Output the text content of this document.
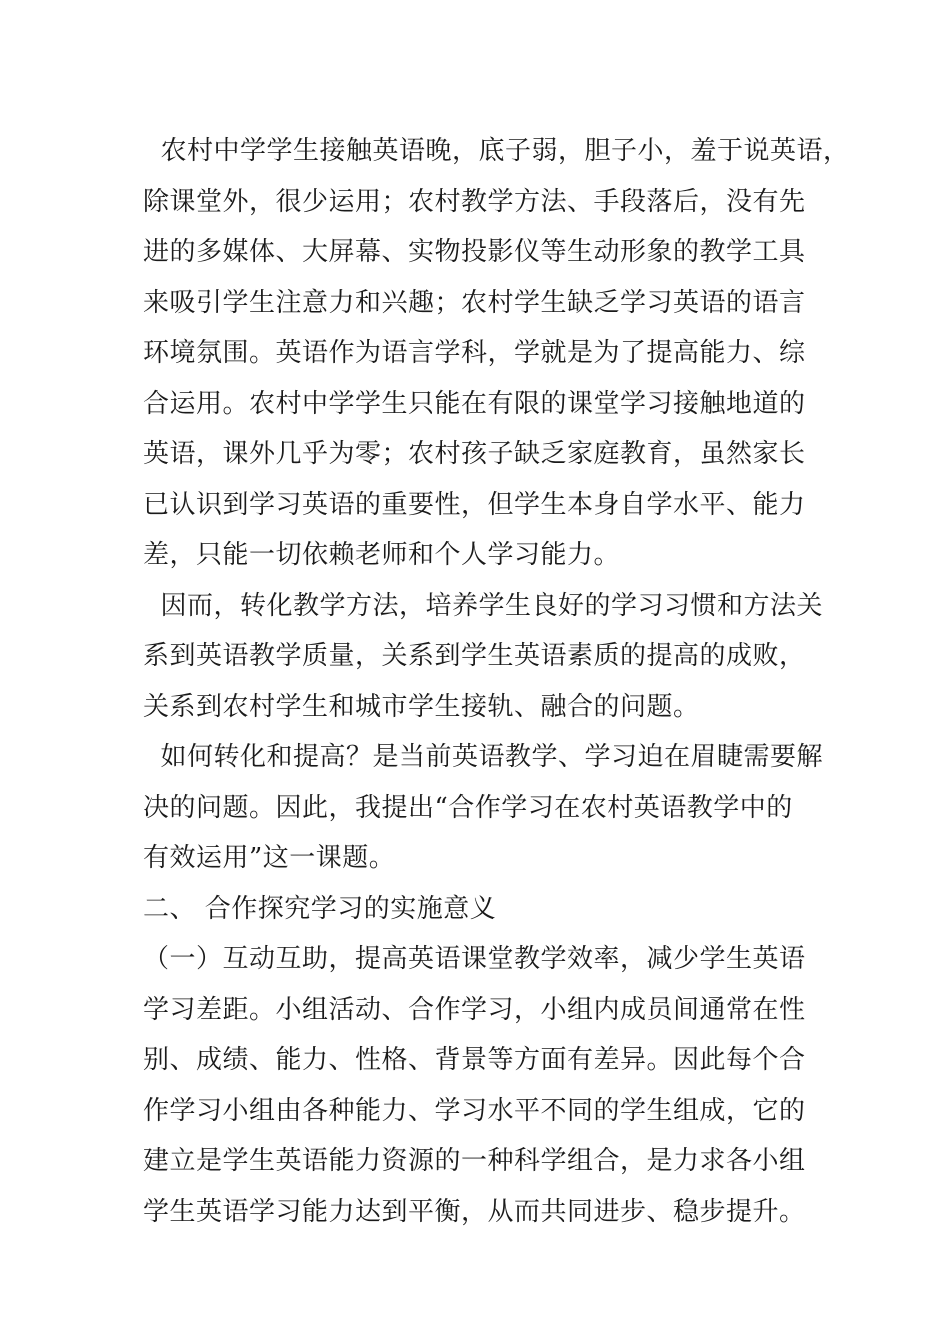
农村中学学生接触英语晚，底子弱，胆子小，羞于说英语，
除课堂外，很少运用；农村教学方法、手段落后，没有先
进的多媒体、大屏幕、实物投影仪等生动形象的教学工具
来吸引学生注意力和兴趣；农村学生缺乏学习英语的语言
环境氛围。英语作为语言学科，学就是为了提高能力、综
合运用。农村中学学生只能在有限的课堂学习接触地道的
英语，课外几乎为零；农村孩子缺乏家庭教育，虽然家长
已认识到学习英语的重要性，但学生本身自学水平、能力
差，只能一切依赖老师和个人学习能力。
因而，转化教学方法，培养学生良好的学习习惯和方法关
系到英语教学质量，关系到学生英语素质的提高的成败，
关系到农村学生和城市学生接轨、融合的问题。
如何转化和提高？是当前英语教学、学习迫在眉睫需要解
决的问题。因此，我提出“合作学习在农村英语教学中的
有效运用”这一课题。
二、 合作探究学习的实施意义
（一）互动互助，提高英语课堂教学效率，减少学生英语
学习差距。小组活动、合作学习，小组内成员间通常在性
别、成绩、能力、性格、背景等方面有差异。因此每个合
作学习小组由各种能力、学习水平不同的学生组成，它的
建立是学生英语能力资源的一种科学组合，是力求各小组
学生英语学习能力达到平衡，从而共同进步、稳步提升。
